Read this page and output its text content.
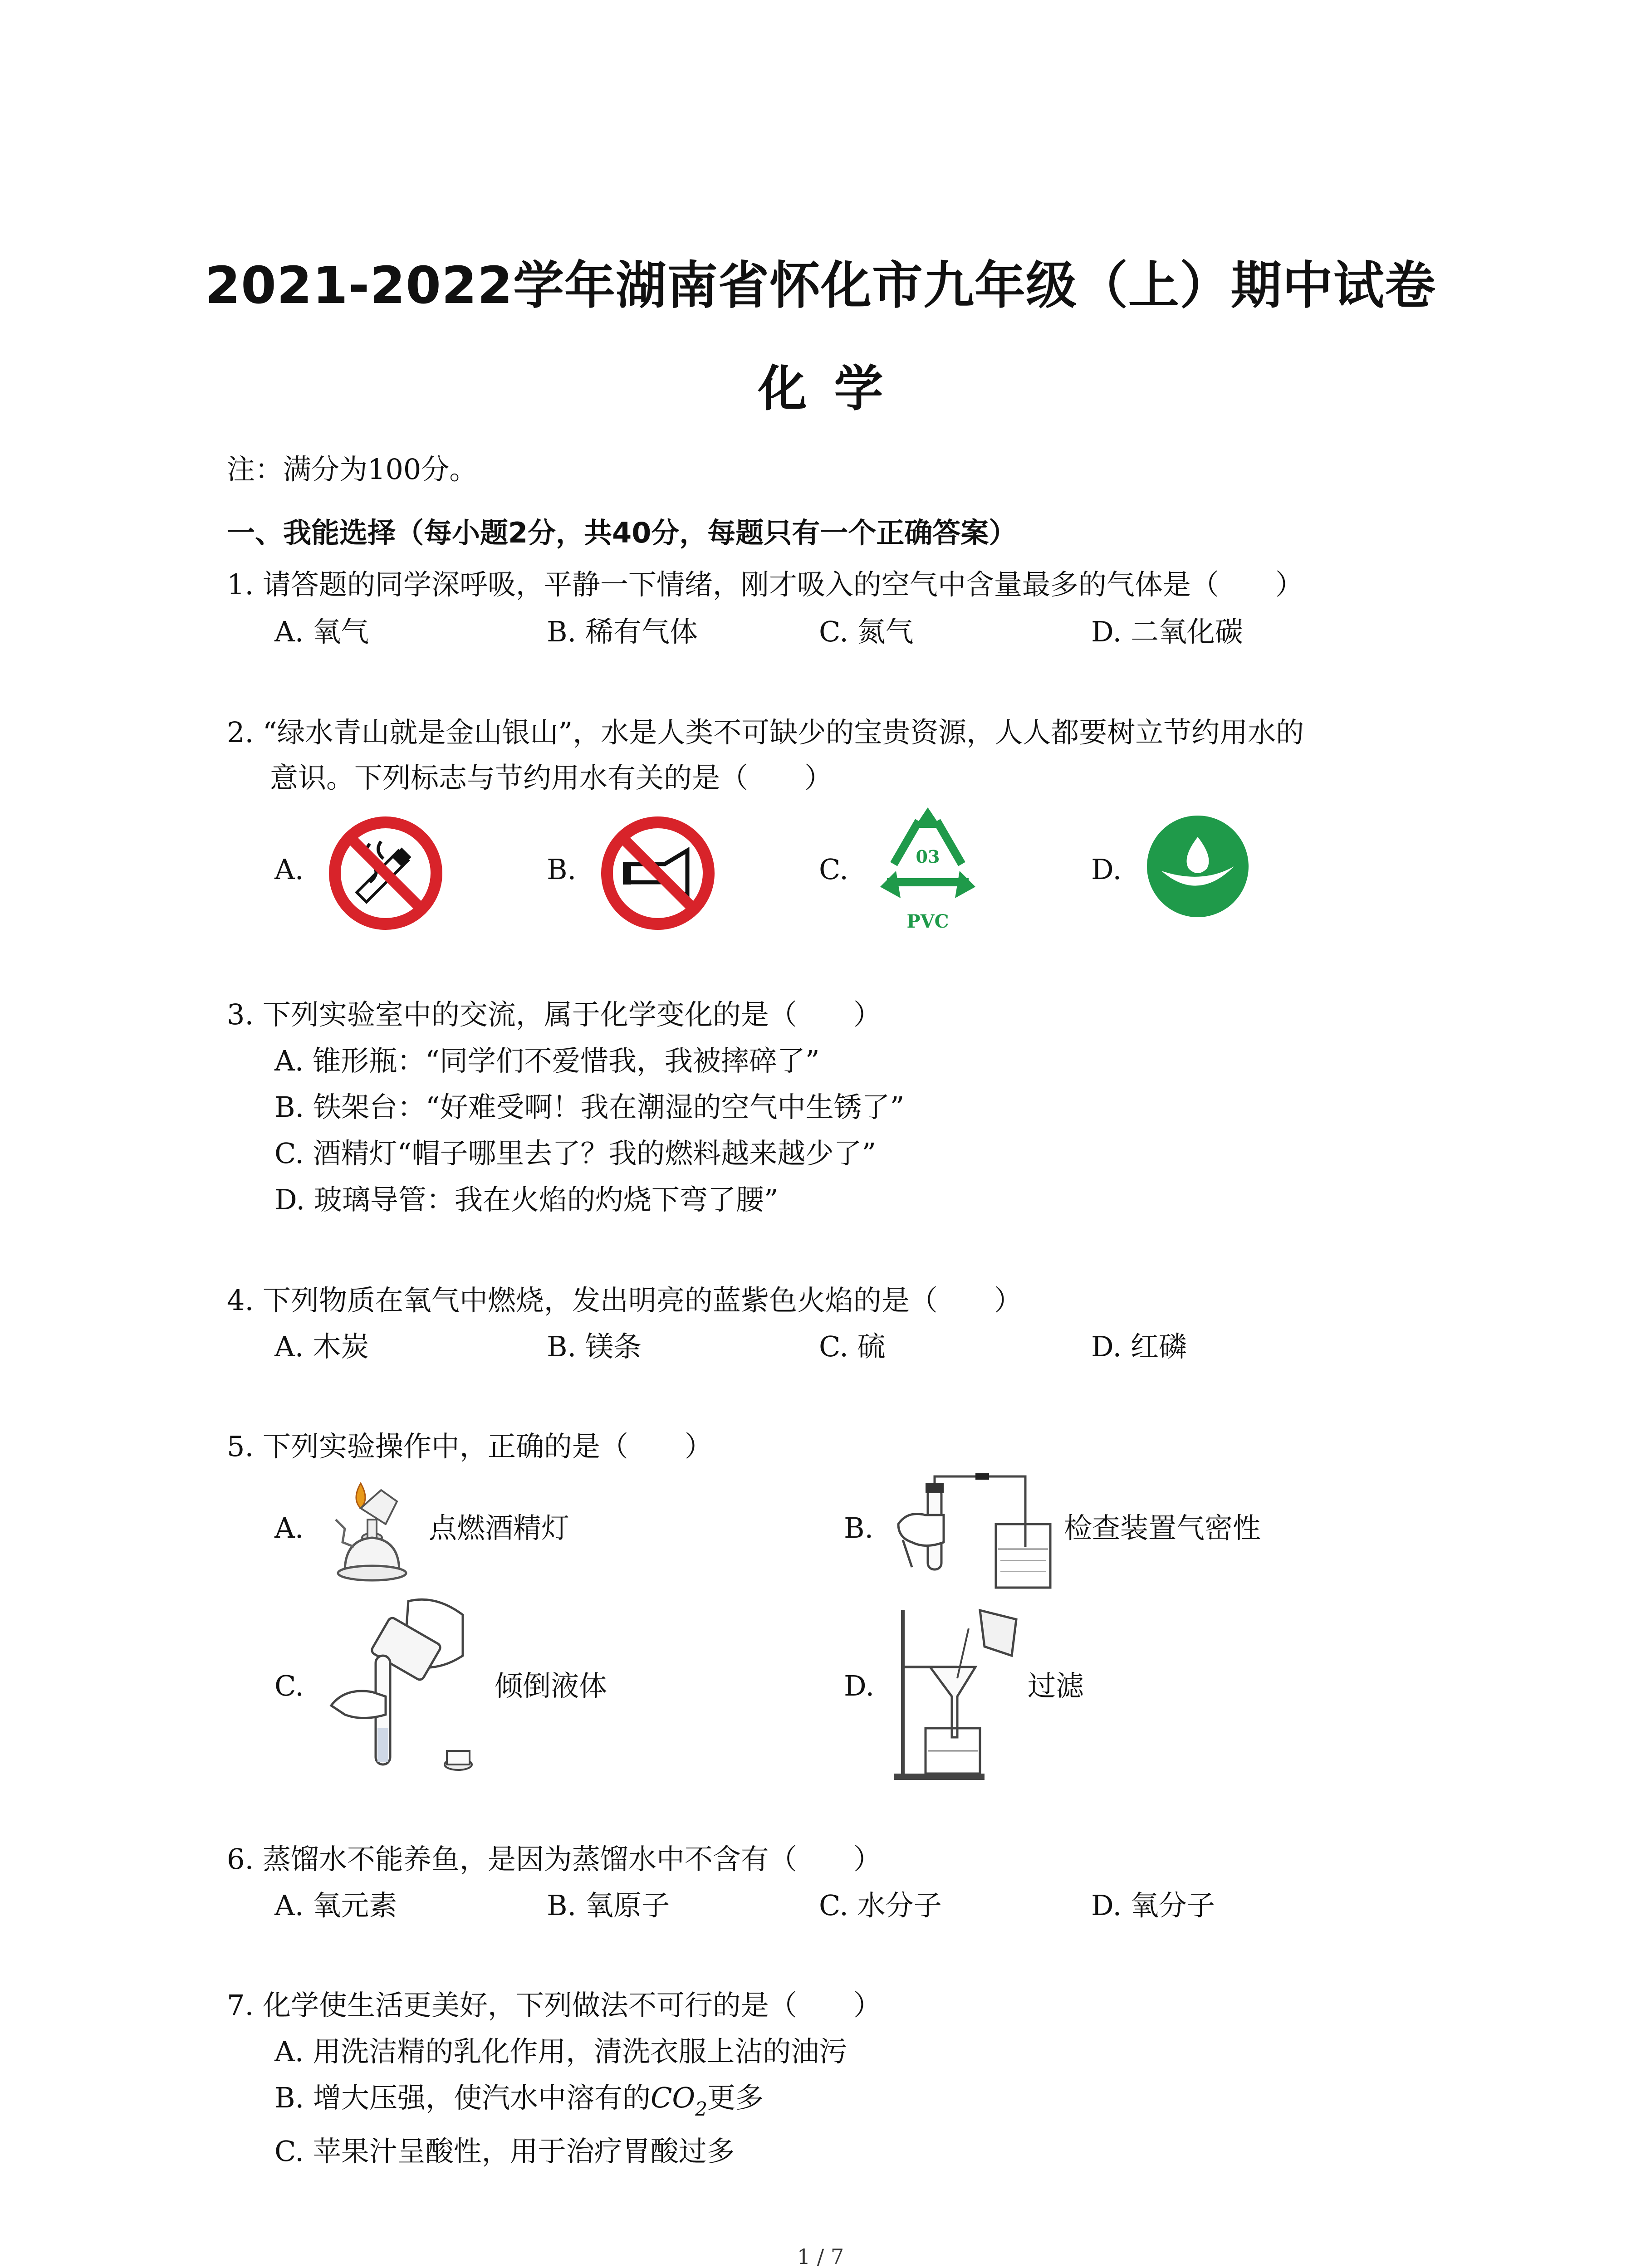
2021-2022学年湖南省怀化市九年级（上）期中试卷
化学
注：满分为100分。
一、我能选择（每小题2分，共40分，每题只有一个正确答案）
1. 请答题的同学深呼吸，平静一下情绪，刚才吸入的空气中含量最多的气体是（　　）
A. 氧气	B. 稀有气体	C. 氮气	D. 二氧化碳
2. “绿水青山就是金山银山”，水是人类不可缺少的宝贵资源，人人都要树立节约用水的
意识。下列标志与节约用水有关的是（　　）
A.	B.	C.	D.
03
PVC
3. 下列实验室中的交流，属于化学变化的是（　　）
A. 锥形瓶：“同学们不爱惜我，我被摔碎了”
B. 铁架台：“好难受啊！我在潮湿的空气中生锈了”
C. 酒精灯“帽子哪里去了？我的燃料越来越少了”
D. 玻璃导管：我在火焰的灼烧下弯了腰”
4. 下列物质在氧气中燃烧，发出明亮的蓝紫色火焰的是（　　）
A. 木炭	B. 镁条	C. 硫	D. 红磷
5. 下列实验操作中，正确的是（　　）
A.	B.
C.	D.
点燃酒精灯	检查装置气密性
倾倒液体	过滤
6. 蒸馏水不能养鱼，是因为蒸馏水中不含有（　　）
A. 氧元素	B. 氧原子	C. 水分子	D. 氧分子
7. 化学使生活更美好，下列做法不可行的是（　　）
A. 用洗洁精的乳化作用，清洗衣服上沾的油污
B. 增大压强，使汽水中溶有的$CO_2$更多
C. 苹果汁呈酸性，用于治疗胃酸过多
1 / 7
